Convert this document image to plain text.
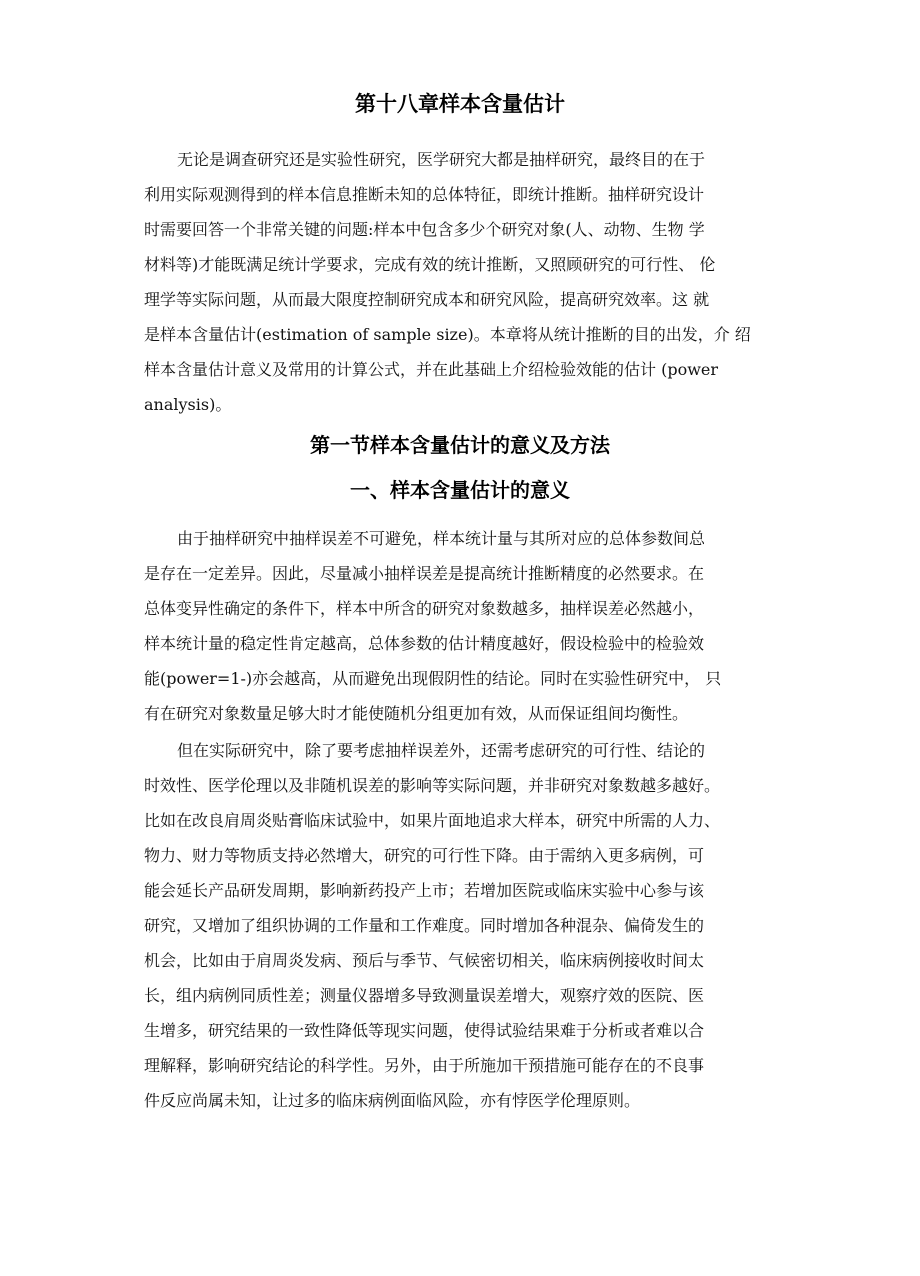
第十八章样本含量估计

无论是调查研究还是实验性研究，医学研究大都是抽样研究，最终目的在于
利用实际观测得到的样本信息推断未知的总体特征，即统计推断。抽样研究设计
时需要回答一个非常关键的问题:样本中包含多少个研究对象(人、动物、生物 学
材料等)才能既满足统计学要求，完成有效的统计推断，又照顾研究的可行性、 伦
理学等实际问题，从而最大限度控制研究成本和研究风险，提高研究效率。这 就
是样本含量估计(estimation of sample size)。本章将从统计推断的目的出发，介 绍
样本含量估计意义及常用的计算公式，并在此基础上介绍检验效能的估计 (power
analysis)。

第一节样本含量估计的意义及方法
一、样本含量估计的意义

由于抽样研究中抽样误差不可避免，样本统计量与其所对应的总体参数间总
是存在一定差异。因此，尽量减小抽样误差是提高统计推断精度的必然要求。在
总体变异性确定的条件下，样本中所含的研究对象数越多，抽样误差必然越小，
样本统计量的稳定性肯定越高，总体参数的估计精度越好，假设检验中的检验效
能(power=1-)亦会越高，从而避免出现假阴性的结论。同时在实验性研究中， 只
有在研究对象数量足够大时才能使随机分组更加有效，从而保证组间均衡性。

但在实际研究中，除了要考虑抽样误差外，还需考虑研究的可行性、结论的
时效性、医学伦理以及非随机误差的影响等实际问题，并非研究对象数越多越好。
比如在改良肩周炎贴膏临床试验中，如果片面地追求大样本，研究中所需的人力、
物力、财力等物质支持必然增大，研究的可行性下降。由于需纳入更多病例，可
能会延长产品研发周期，影响新药投产上市；若增加医院或临床实验中心参与该
研究，又增加了组织协调的工作量和工作难度。同时增加各种混杂、偏倚发生的
机会，比如由于肩周炎发病、预后与季节、气候密切相关，临床病例接收时间太
长，组内病例同质性差；测量仪器增多导致测量误差增大，观察疗效的医院、医
生增多，研究结果的一致性降低等现实问题，使得试验结果难于分析或者难以合
理解释，影响研究结论的科学性。另外，由于所施加干预措施可能存在的不良事
件反应尚属未知，让过多的临床病例面临风险，亦有悖医学伦理原则。
